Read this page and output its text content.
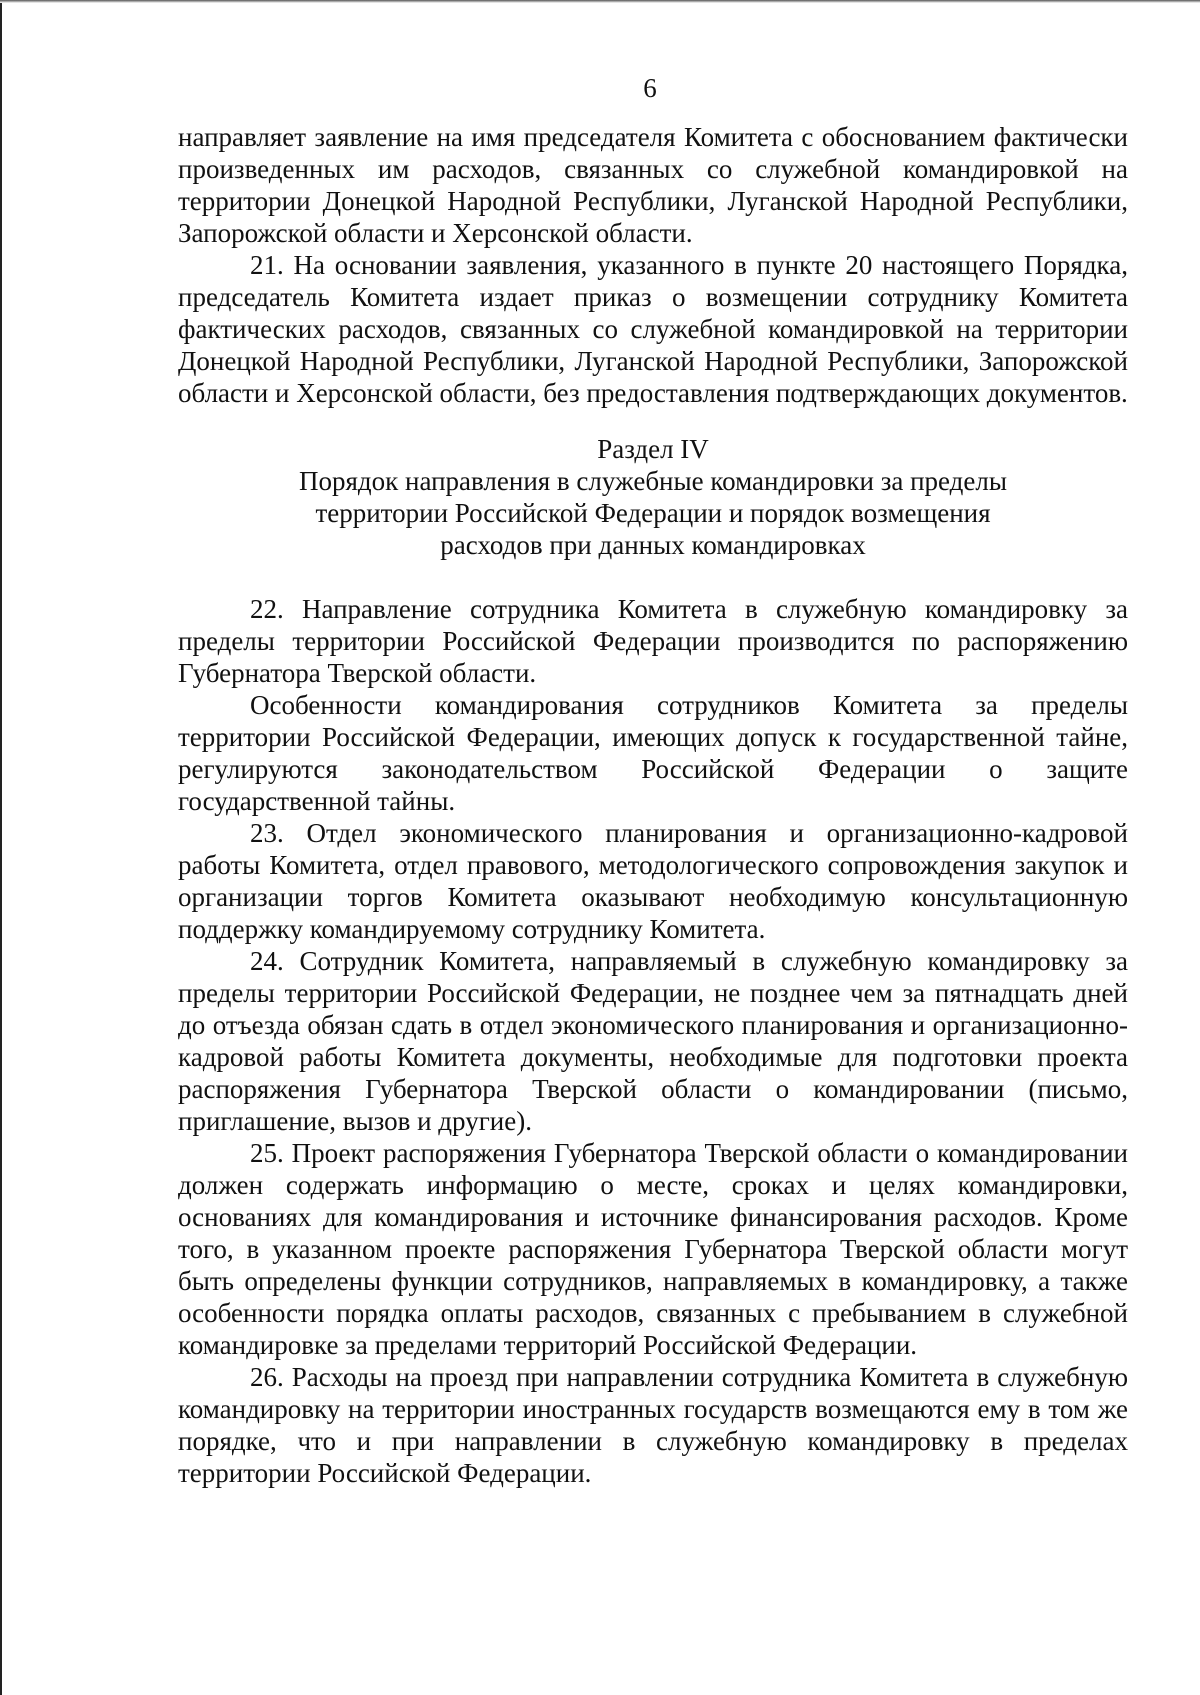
6

направляет заявление на имя председателя Комитета с обоснованием фактически произведенных им расходов, связанных со служебной командировкой на территории Донецкой Народной Республики, Луганской Народной Республики, Запорожской области и Херсонской области.

21. На основании заявления, указанного в пункте 20 настоящего Порядка, председатель Комитета издает приказ о возмещении сотруднику Комитета фактических расходов, связанных со служебной командировкой на территории Донецкой Народной Республики, Луганской Народной Республики, Запорожской области и Херсонской области, без предоставления подтверждающих документов.

Раздел IV
Порядок направления в служебные командировки за пределы
территории Российской Федерации и порядок возмещения
расходов при данных командировках

22. Направление сотрудника Комитета в служебную командировку за пределы территории Российской Федерации производится по распоряжению Губернатора Тверской области.

Особенности командирования сотрудников Комитета за пределы территории Российской Федерации, имеющих допуск к государственной тайне, регулируются законодательством Российской Федерации о защите государственной тайны.

23. Отдел экономического планирования и организационно-кадровой работы Комитета, отдел правового, методологического сопровождения закупок и организации торгов Комитета оказывают необходимую консультационную поддержку командируемому сотруднику Комитета.

24. Сотрудник Комитета, направляемый в служебную командировку за пределы территории Российской Федерации, не позднее чем за пятнадцать дней до отъезда обязан сдать в отдел экономического планирования и организационно-кадровой работы Комитета документы, необходимые для подготовки проекта распоряжения Губернатора Тверской области о командировании (письмо, приглашение, вызов и другие).

25. Проект распоряжения Губернатора Тверской области о командировании должен содержать информацию о месте, сроках и целях командировки, основаниях для командирования и источнике финансирования расходов. Кроме того, в указанном проекте распоряжения Губернатора Тверской области могут быть определены функции сотрудников, направляемых в командировку, а также особенности порядка оплаты расходов, связанных с пребыванием в служебной командировке за пределами территорий Российской Федерации.

26. Расходы на проезд при направлении сотрудника Комитета в служебную командировку на территории иностранных государств возмещаются ему в том же порядке, что и при направлении в служебную командировку в пределах территории Российской Федерации.
